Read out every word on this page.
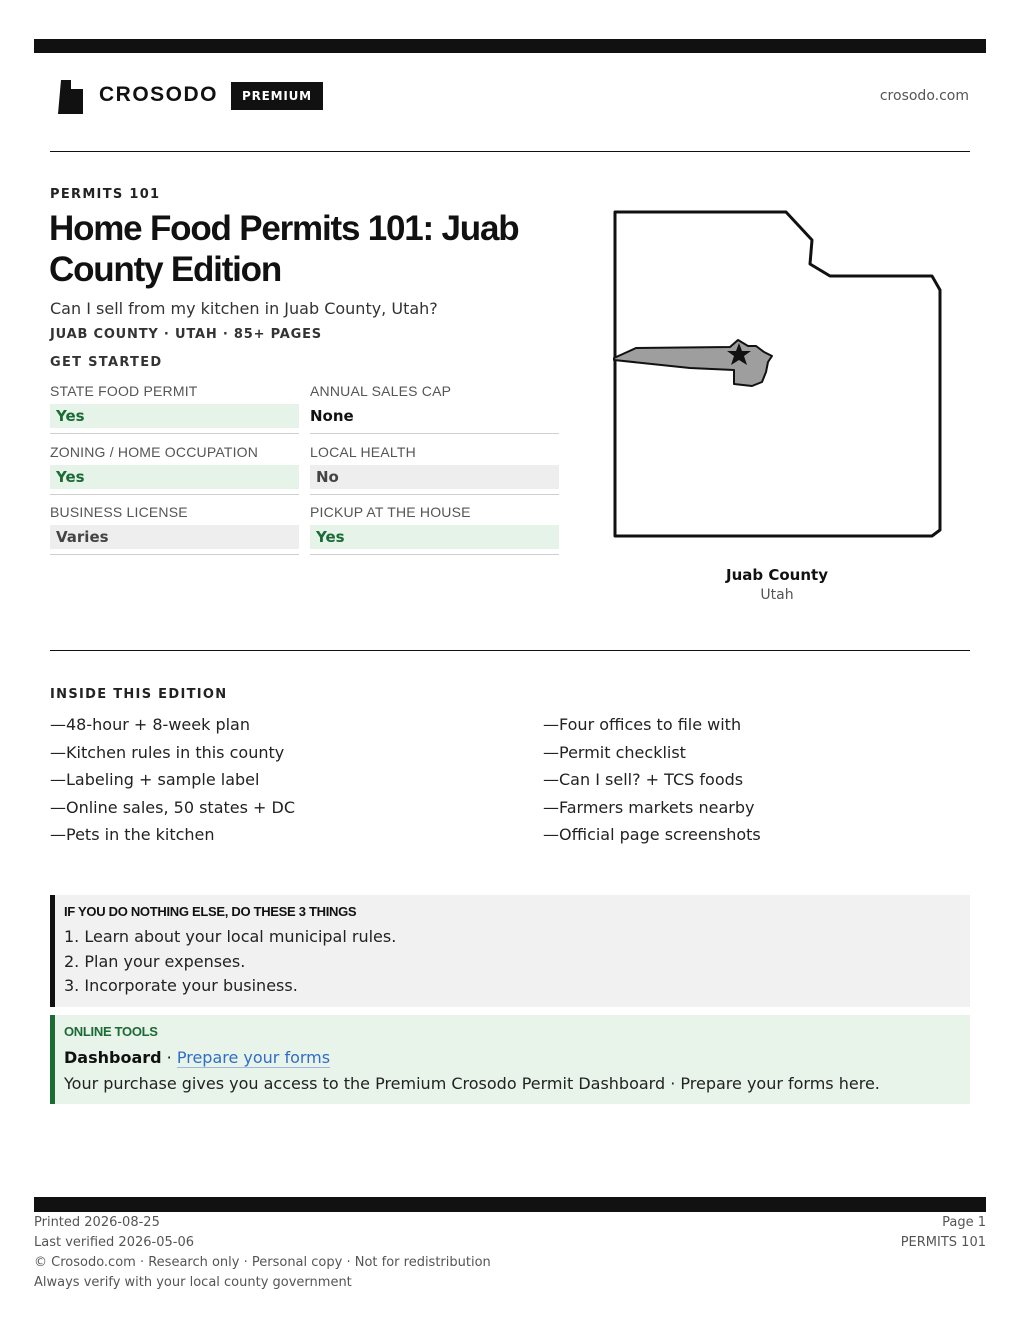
CROSODO	PREMIUM	crosodo.com
PERMITS 101
Home Food Permits 101: Juab County Edition
Can I sell from my kitchen in Juab County, Utah?
JUAB COUNTY · UTAH · 85+ PAGES
GET STARTED
STATE FOOD PERMIT
Yes
ANNUAL SALES CAP
None
ZONING / HOME OCCUPATION
Yes
LOCAL HEALTH
No
BUSINESS LICENSE
Varies
PICKUP AT THE HOUSE
Yes
Juab County
Utah
INSIDE THIS EDITION
—48-hour + 8-week plan
—Kitchen rules in this county
—Labeling + sample label
—Online sales, 50 states + DC
—Pets in the kitchen
—Four offices to file with
—Permit checklist
—Can I sell? + TCS foods
—Farmers markets nearby
—Official page screenshots
IF YOU DO NOTHING ELSE, DO THESE 3 THINGS
1. Learn about your local municipal rules.
2. Plan your expenses.
3. Incorporate your business.
ONLINE TOOLS
Dashboard · Prepare your forms
Your purchase gives you access to the Premium Crosodo Permit Dashboard · Prepare your forms here.
Printed 2026-08-25
Last verified 2026-05-06
© Crosodo.com · Research only · Personal copy · Not for redistribution
Always verify with your local county government
Page 1
PERMITS 101
